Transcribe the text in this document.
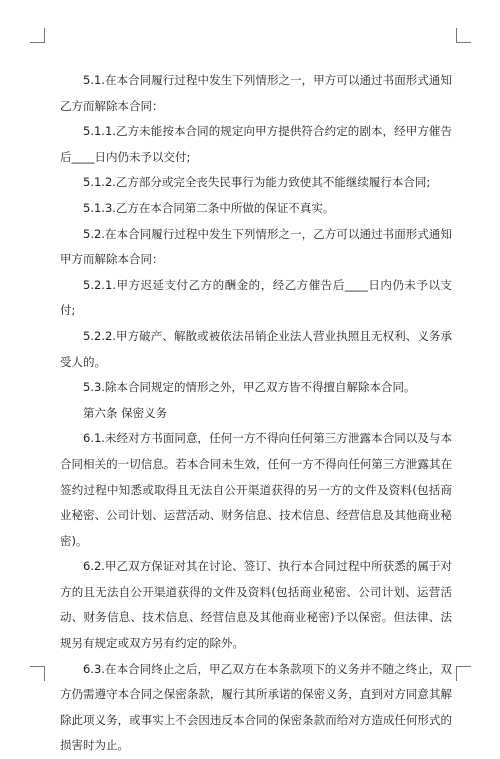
5.1.在本合同履行过程中发生下列情形之一，甲方可以通过书面形式通知乙方而解除本合同：

5.1.1.乙方未能按本合同的规定向甲方提供符合约定的剧本，经甲方催告后____日内仍未予以交付;

5.1.2.乙方部分或完全丧失民事行为能力致使其不能继续履行本合同;

5.1.3.乙方在本合同第二条中所做的保证不真实。

5.2.在本合同履行过程中发生下列情形之一，乙方可以通过书面形式通知甲方而解除本合同：

5.2.1.甲方迟延支付乙方的酬金的，经乙方催告后____日内仍未予以支付;

5.2.2.甲方破产、解散或被依法吊销企业法人营业执照且无权利、义务承受人的。

5.3.除本合同规定的情形之外，甲乙双方皆不得擅自解除本合同。

第六条 保密义务

6.1.未经对方书面同意，任何一方不得向任何第三方泄露本合同以及与本合同相关的一切信息。若本合同未生效，任何一方不得向任何第三方泄露其在签约过程中知悉或取得且无法自公开渠道获得的另一方的文件及资料(包括商业秘密、公司计划、运营活动、财务信息、技术信息、经营信息及其他商业秘密)。

6.2.甲乙双方保证对其在讨论、签订、执行本合同过程中所获悉的属于对方的且无法自公开渠道获得的文件及资料(包括商业秘密、公司计划、运营活动、财务信息、技术信息、经营信息及其他商业秘密)予以保密。但法律、法规另有规定或双方另有约定的除外。

6.3.在本合同终止之后，甲乙双方在本条款项下的义务并不随之终止，双方仍需遵守本合同之保密条款，履行其所承诺的保密义务，直到对方同意其解除此项义务，或事实上不会因违反本合同的保密条款而给对方造成任何形式的损害时为止。
